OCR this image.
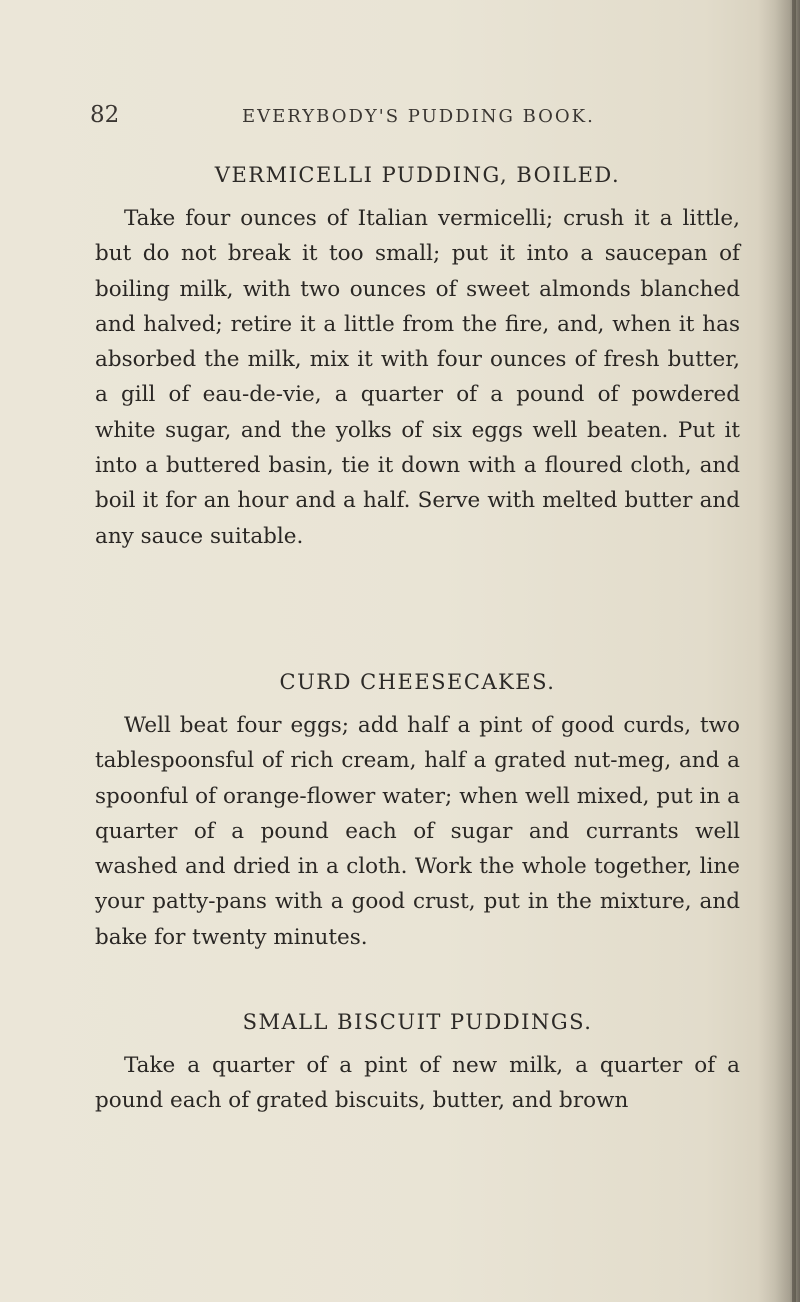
82	EVERYBODY'S PUDDING BOOK.
VERMICELLI PUDDING, BOILED.

Take four ounces of Italian vermicelli; crush it a little, but do not break it too small; put it into a saucepan of boiling milk, with two ounces of sweet almonds blanched and halved; retire it a little from the fire, and, when it has absorbed the milk, mix it with four ounces of fresh butter, a gill of eau-de-vie, a quarter of a pound of powdered white sugar, and the yolks of six eggs well beaten. Put it into a buttered basin, tie it down with a floured cloth, and boil it for an hour and a half. Serve with melted butter and any sauce suitable.

CURD CHEESECAKES.

Well beat four eggs; add half a pint of good curds, two tablespoonsful of rich cream, half a grated nut-meg, and a spoonful of orange-flower water; when well mixed, put in a quarter of a pound each of sugar and currants well washed and dried in a cloth. Work the whole together, line your patty-pans with a good crust, put in the mixture, and bake for twenty minutes.

SMALL BISCUIT PUDDINGS.

Take a quarter of a pint of new milk, a quarter of a pound each of grated biscuits, butter, and brown
